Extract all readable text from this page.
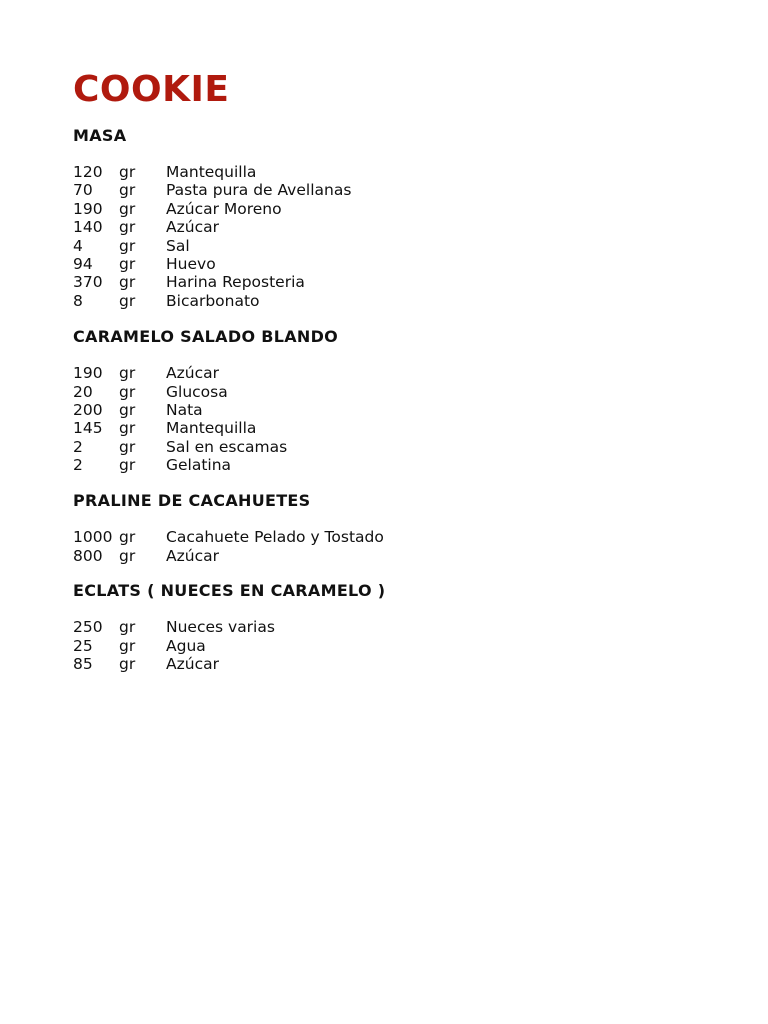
COOKIE
MASA
120	gr	Mantequilla
70	gr	Pasta pura de Avellanas
190	gr	Azúcar Moreno
140	gr	Azúcar
4	gr	Sal
94	gr	Huevo
370	gr	Harina Reposteria
8	gr	Bicarbonato
CARAMELO SALADO BLANDO
190	gr	Azúcar
20	gr	Glucosa
200	gr	Nata
145	gr	Mantequilla
2	gr	Sal en escamas
2	gr	Gelatina
PRALINE DE CACAHUETES
1000 gr	Cacahuete Pelado y Tostado
800	gr	Azúcar
ECLATS ( NUECES EN CARAMELO )
250	gr	Nueces varias
25	gr	Agua
85	gr	Azúcar
